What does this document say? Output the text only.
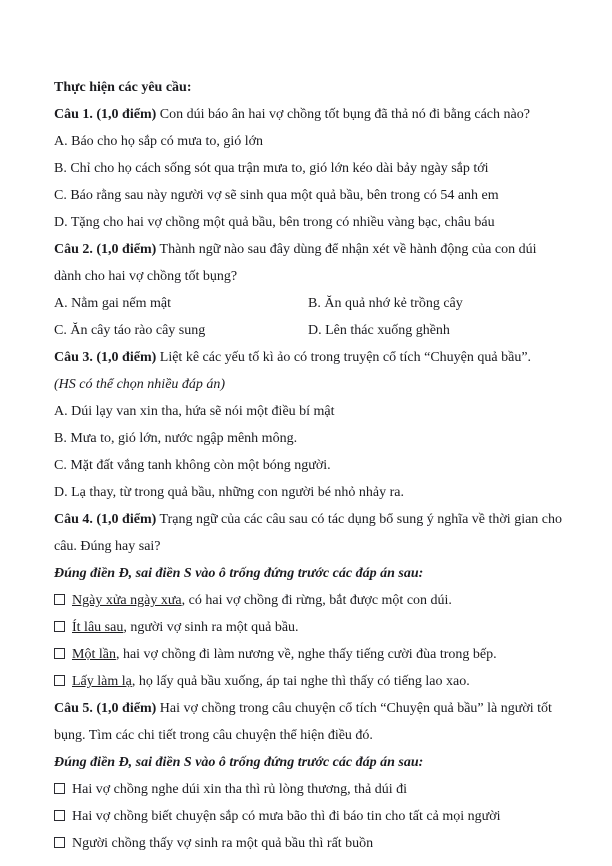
Thực hiện các yêu cầu:

Câu 1. (1,0 điểm) Con dúi báo ân hai vợ chồng tốt bụng đã thả nó đi bằng cách nào?

A. Báo cho họ sắp có mưa to, gió lớn

B. Chỉ cho họ cách sống sót qua trận mưa to, gió lớn kéo dài bảy ngày sắp tới

C. Báo rằng sau này người vợ sẽ sinh qua một quả bầu, bên trong có 54 anh em

D. Tặng cho hai vợ chồng một quả bầu, bên trong có nhiều vàng bạc, châu báu

Câu 2. (1,0 điểm) Thành ngữ nào sau đây dùng để nhận xét về hành động của con dúi dành cho hai vợ chồng tốt bụng?

A. Nằm gai nếm mật	B. Ăn quả nhớ kẻ trồng cây

C. Ăn cây táo rào cây sung	D. Lên thác xuống ghềnh

Câu 3. (1,0 điểm) Liệt kê các yếu tố kì ảo có trong truyện cổ tích “Chuyện quả bầu”.

(HS có thể chọn nhiều đáp án)

A. Dúi lạy van xin tha, hứa sẽ nói một điều bí mật

B. Mưa to, gió lớn, nước ngập mênh mông.

C. Mặt đất vắng tanh không còn một bóng người.

D. Lạ thay, từ trong quả bầu, những con người bé nhỏ nhảy ra.

Câu 4. (1,0 điểm) Trạng ngữ của các câu sau có tác dụng bổ sung ý nghĩa về thời gian cho câu. Đúng hay sai?

Đúng điền Đ, sai điền S vào ô trống đứng trước các đáp án sau:

Ngày xửa ngày xưa, có hai vợ chồng đi rừng, bắt được một con dúi.

Ít lâu sau, người vợ sinh ra một quả bầu.

Một lần, hai vợ chồng đi làm nương về, nghe thấy tiếng cười đùa trong bếp.

Lấy làm lạ, họ lấy quả bầu xuống, áp tai nghe thì thấy có tiếng lao xao.

Câu 5. (1,0 điểm) Hai vợ chồng trong câu chuyện cổ tích “Chuyện quả bầu” là người tốt bụng. Tìm các chi tiết trong câu chuyện thể hiện điều đó.

Đúng điền Đ, sai điền S vào ô trống đứng trước các đáp án sau:

Hai vợ chồng nghe dúi xin tha thì rủ lòng thương, thả dúi đi

Hai vợ chồng biết chuyện sắp có mưa bão thì đi báo tin cho tất cả mọi người

Người chồng thấy vợ sinh ra một quả bầu thì rất buồn
